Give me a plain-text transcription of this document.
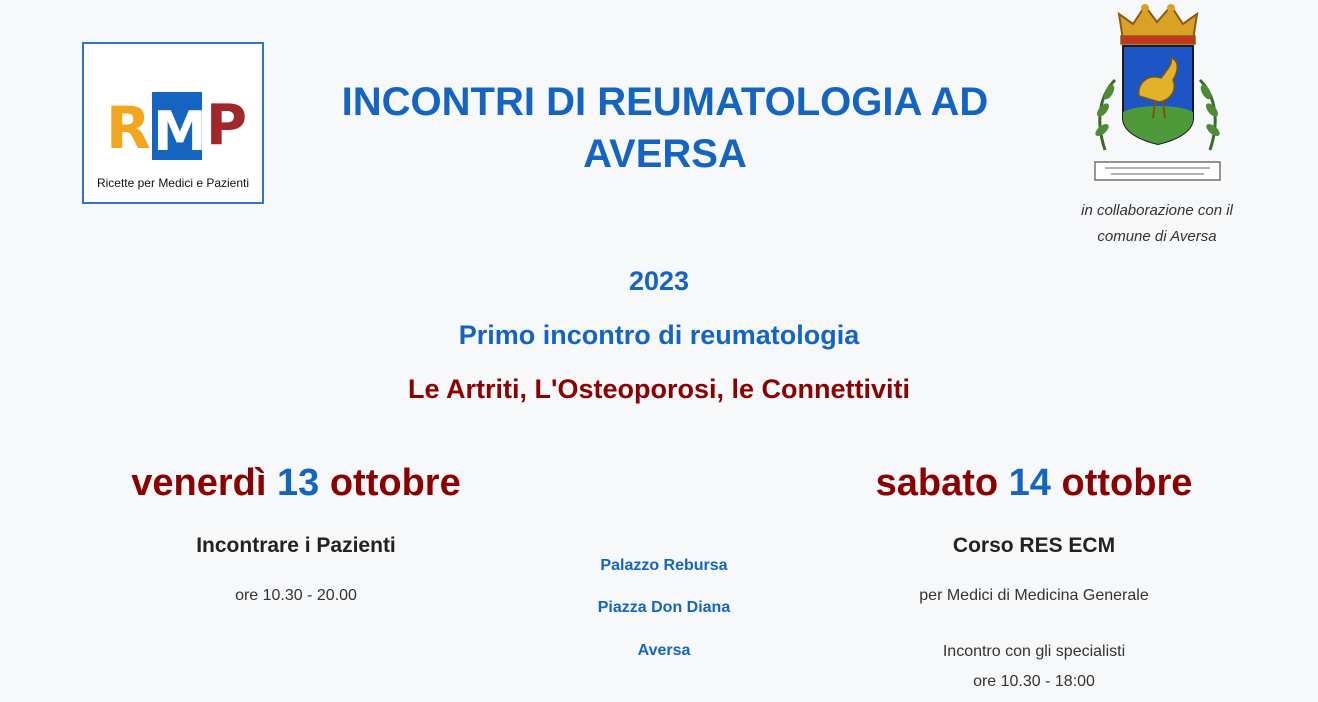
R M P
Ricette per Medici e Pazienti
INCONTRI DI REUMATOLOGIA AD AVERSA
in collaborazione con il comune di Aversa
2023
Primo incontro di reumatologia
Le Artriti, L'Osteoporosi, le Connettiviti
venerdì 13 ottobre
Incontrare i Pazienti
ore 10.30 - 20.00
Palazzo Rebursa
Piazza Don Diana
Aversa
sabato 14 ottobre
Corso RES ECM
per Medici di Medicina Generale
Incontro con gli specialisti
ore 10.30 - 18:00
